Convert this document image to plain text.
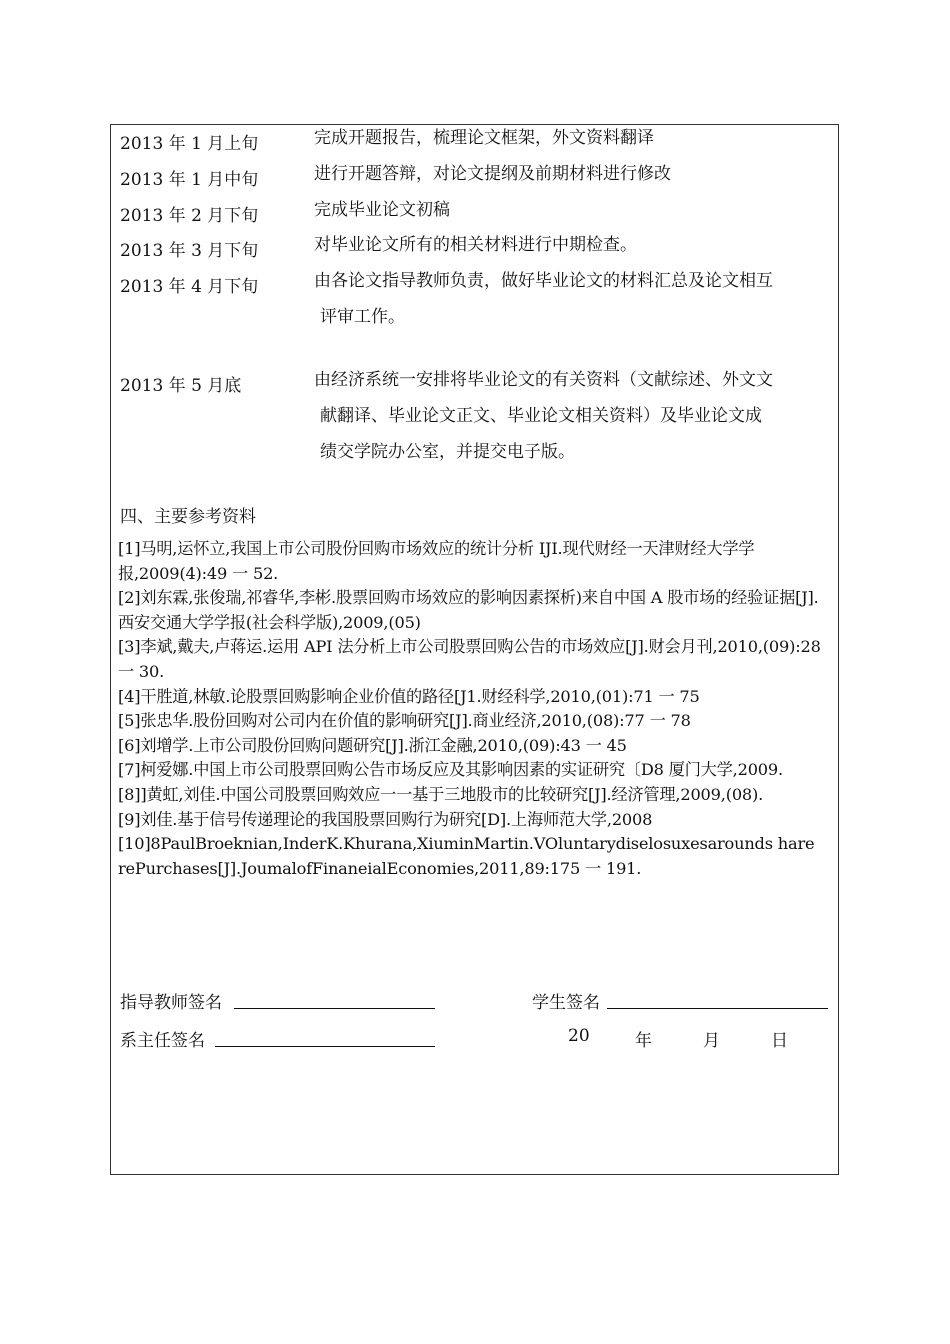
2013 年 1 月上旬	完成开题报告，梳理论文框架，外文资料翻译
2013 年 1 月中旬	进行开题答辩，对论文提纲及前期材料进行修改
2013 年 2 月下旬	完成毕业论文初稿
2013 年 3 月下旬	对毕业论文所有的相关材料进行中期检查。
2013 年 4 月下旬	由各论文指导教师负责，做好毕业论文的材料汇总及论文相互
评审工作。
2013 年 5 月底	由经济系统一安排将毕业论文的有关资料（文献综述、外文文
献翻译、毕业论文正文、毕业论文相关资料）及毕业论文成
绩交学院办公室，并提交电子版。
四、主要参考资料

[1]马明,运怀立,我国上市公司股份回购市场效应的统计分析 IJI.现代财经一天津财经大学学报,2009(4):49 一 52.

[2]刘东霖,张俊瑞,祁睿华,李彬.股票回购市场效应的影响因素探析)来自中国 A 股市场的经验证据[J].西安交通大学学报(社会科学版),2009,(05)

[3]李斌,戴夫,卢蒋运.运用 API 法分析上市公司股票回购公告的市场效应[J].财会月刊,2010,(09):28 一 30.

[4]干胜道,林敏.论股票回购影响企业价值的路径[J1.财经科学,2010,(01):71 一 75

[5]张忠华.股份回购对公司内在价值的影响研究[J].商业经济,2010,(08):77 一 78

[6]刘增学.上市公司股份回购问题研究[J].浙江金融,2010,(09):43 一 45

[7]柯爱娜.中国上市公司股票回购公告市场反应及其影响因素的实证研究〔D8 厦门大学,2009.

[8]]黄虹,刘佳.中国公司股票回购效应一一基于三地股市的比较研究[J].经济管理,2009,(08).

[9]刘佳.基于信号传递理论的我国股票回购行为研究[D].上海师范大学,2008

[10]8PaulBroeknian,InderK.Khurana,XiuminMartin.VOluntarydiselosuxesarounds hare rePurchases[J].JoumalofFinaneialEconomies,2011,89:175 一 191.

指导教师签名	学生签名
系主任签名	20	年	月	日
